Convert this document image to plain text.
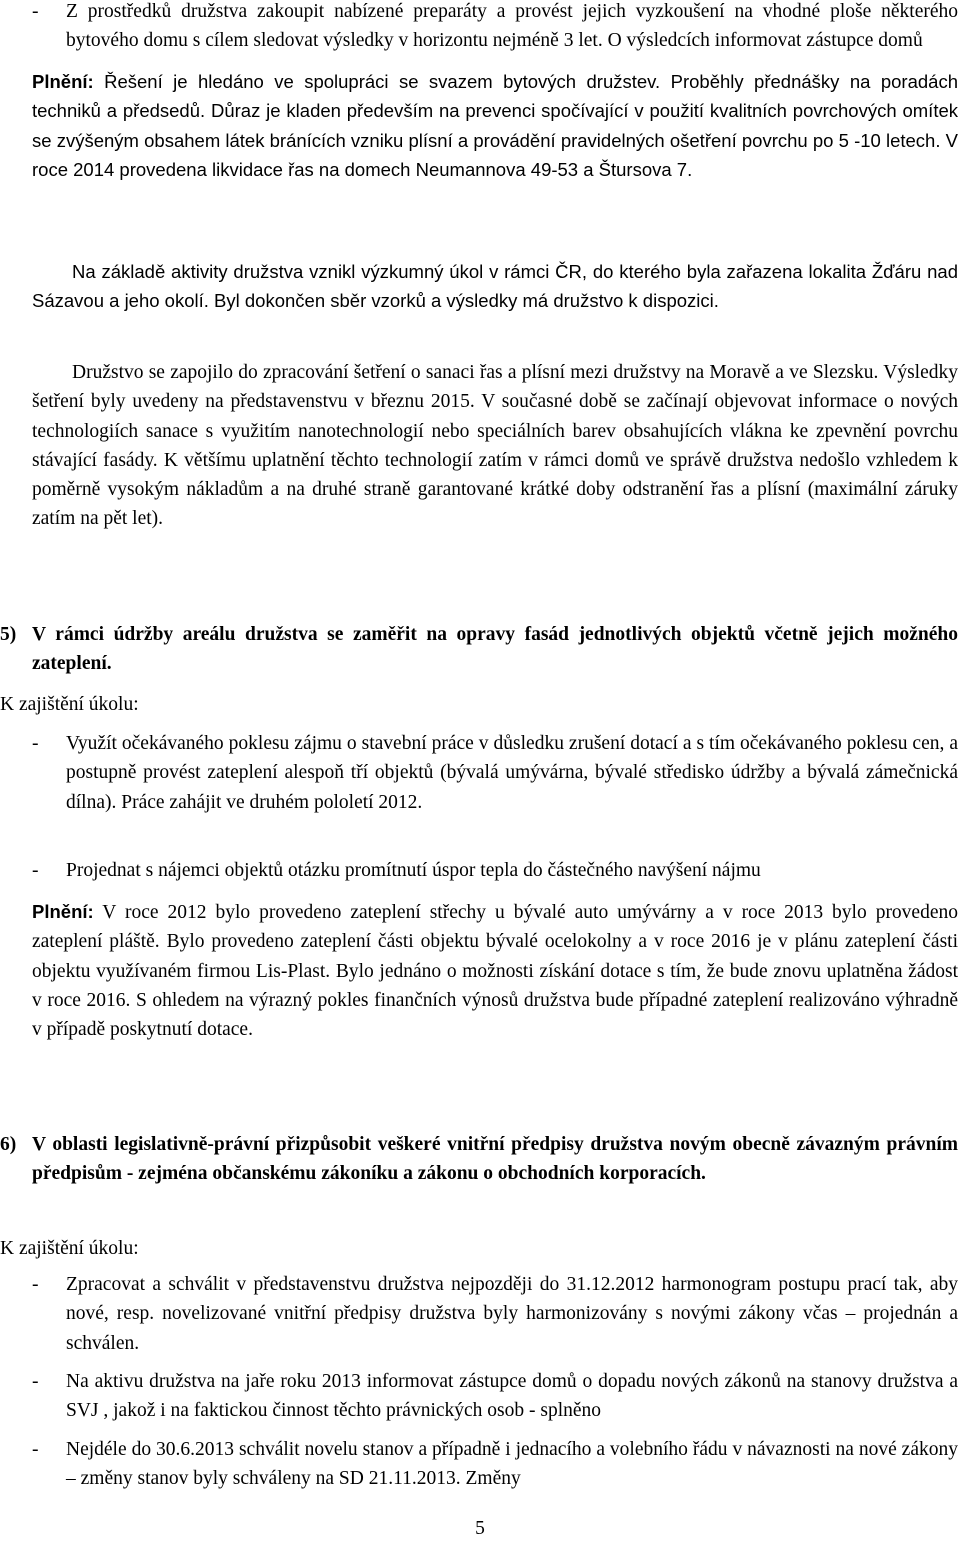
-	Z prostředků družstva zakoupit nabízené preparáty a provést jejich vyzkoušení na vhodné ploše některého bytového domu s cílem sledovat výsledky v horizontu nejméně 3 let. O výsledcích informovat zástupce domů

Plnění: Řešení je hledáno ve spolupráci se svazem bytových družstev. Proběhly přednášky na poradách techniků a předsedů. Důraz je kladen především na prevenci spočívající v použití kvalitních povrchových omítek se zvýšeným obsahem látek bránících vzniku plísní a provádění pravidelných ošetření povrchu po 5 -10 letech. V roce 2014 provedena likvidace řas na domech Neumannova 49-53 a Štursova 7.

Na základě aktivity družstva vznikl výzkumný úkol v rámci ČR, do kterého byla zařazena lokalita Žďáru nad Sázavou a jeho okolí. Byl dokončen sběr vzorků a výsledky má družstvo k dispozici.

Družstvo se zapojilo do zpracování šetření o sanaci řas a plísní mezi družstvy na Moravě a ve Slezsku. Výsledky šetření byly uvedeny na představenstvu v březnu 2015. V současné době se začínají objevovat informace o nových technologiích sanace s využitím nanotechnologií nebo speciálních barev obsahujících vlákna ke zpevnění povrchu stávající fasády. K většímu uplatnění těchto technologií zatím v rámci domů ve správě družstva nedošlo vzhledem k poměrně vysokým nákladům a na druhé straně garantované krátké doby odstranění řas a plísní (maximální záruky zatím na pět let).

5) V rámci údržby areálu družstva se zaměřit na opravy fasád jednotlivých objektů včetně jejich možného zateplení.

K zajištění úkolu:

-	Využít očekávaného poklesu zájmu o stavební práce v důsledku zrušení dotací a s tím očekávaného poklesu cen, a postupně provést zateplení alespoň tří objektů (bývalá umývárna, bývalé středisko údržby a bývalá zámečnická dílna). Práce zahájit ve druhém pololetí 2012.
-	Projednat s nájemci objektů otázku promítnutí úspor tepla do částečného navýšení nájmu

Plnění: V roce 2012 bylo provedeno zateplení střechy u bývalé auto umývárny a v roce 2013 bylo provedeno zateplení pláště. Bylo provedeno zateplení části objektu bývalé ocelokolny a v roce 2016 je v plánu zateplení části objektu využívaném firmou Lis-Plast. Bylo jednáno o možnosti získání dotace s tím, že bude znovu uplatněna žádost v roce 2016. S ohledem na výrazný pokles finančních výnosů družstva bude případné zateplení realizováno výhradně v případě poskytnutí dotace.

6) V oblasti legislativně-právní přizpůsobit veškeré vnitřní předpisy družstva novým obecně závazným právním předpisům - zejména občanskému zákoníku a zákonu o obchodních korporacích.

K zajištění úkolu:

-	Zpracovat a schválit v představenstvu družstva nejpozději do 31.12.2012 harmonogram postupu prací tak, aby nové, resp. novelizované vnitřní předpisy družstva byly harmonizovány s novými zákony včas – projednán a schválen.
-	Na aktivu družstva na jaře roku 2013 informovat zástupce domů o dopadu nových zákonů na stanovy družstva a SVJ , jakož i na faktickou činnost těchto právnických osob - splněno
-	Nejdéle do 30.6.2013 schválit novelu stanov a případně i jednacího a volebního řádu v návaznosti na nové zákony – změny stanov byly schváleny na SD 21.11.2013. Změny
5
